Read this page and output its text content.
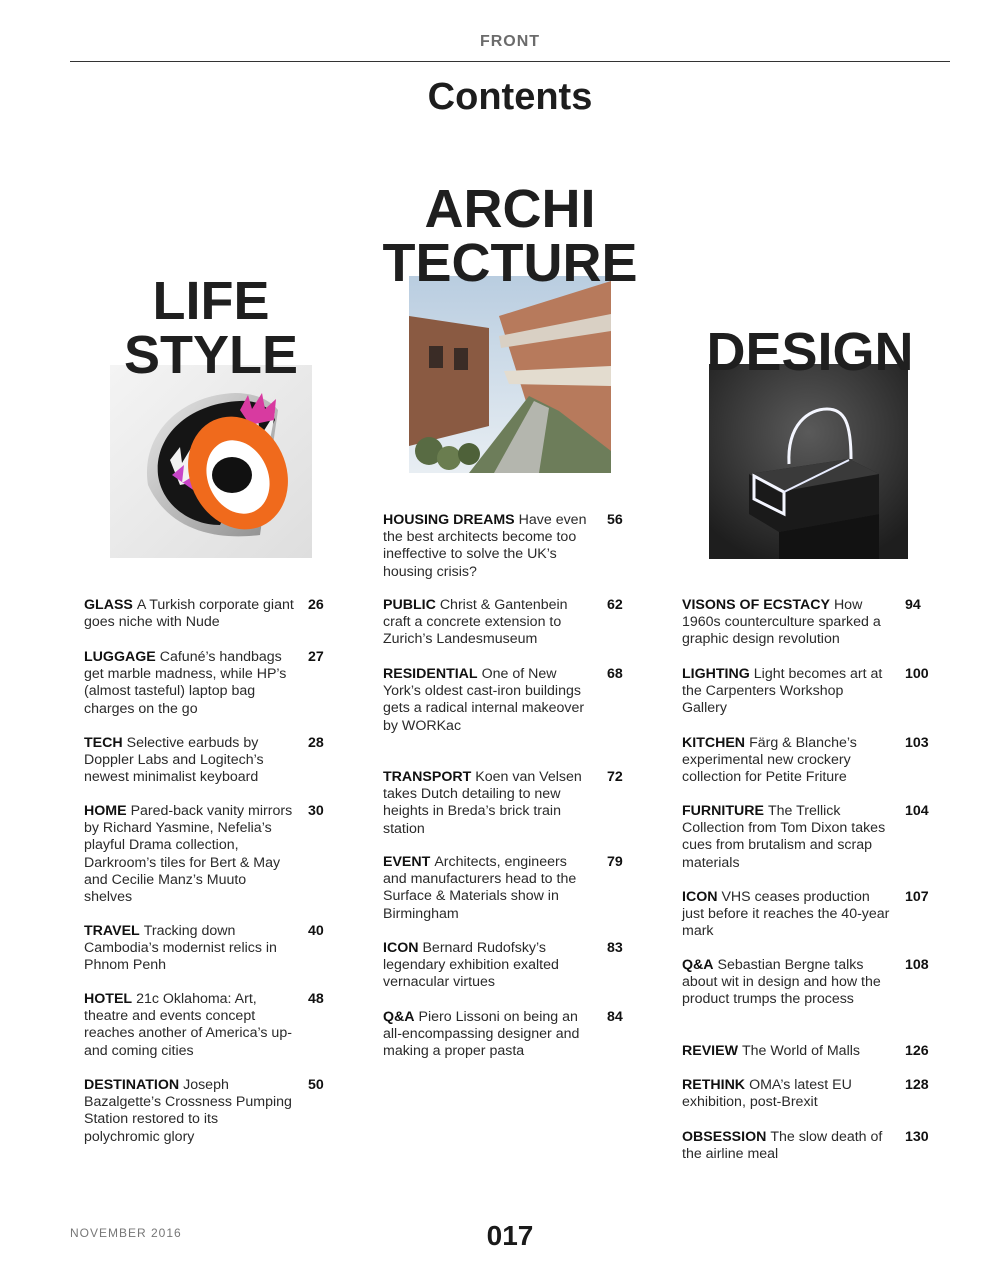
FRONT
Contents
LIFE
STYLE
ARCHI
TECTURE
DESIGN
GLASS A Turkish corporate giant goes niche with Nude
26
LUGGAGE Cafuné’s handbags get marble madness, while HP’s (almost tasteful) laptop bag charges on the go
27
TECH Selective earbuds by Doppler Labs and Logitech’s newest minimalist keyboard
28
HOME Pared-back vanity mirrors by Richard Yasmine, Nefelia’s playful Drama collection, Darkroom’s tiles for Bert & May and Cecilie Manz’s Muuto shelves
30
TRAVEL Tracking down Cambodia’s modernist relics in Phnom Penh
40
HOTEL 21c Oklahoma: Art, theatre and events concept reaches another of America’s up-and coming cities
48
DESTINATION Joseph Bazalgette’s Crossness Pumping Station restored to its polychromic glory
50
HOUSING DREAMS Have even the best architects become too ineffective to solve the UK’s housing crisis?
56
PUBLIC Christ & Gantenbein craft a concrete extension to Zurich’s Landesmuseum
62
RESIDENTIAL One of New York’s oldest cast-iron buildings gets a radical internal makeover by WORKac
68
TRANSPORT Koen van Velsen takes Dutch detailing to new heights in Breda’s brick train station
72
EVENT Architects, engineers and manufacturers head to the Surface & Materials show in Birmingham
79
ICON Bernard Rudofsky’s legendary exhibition exalted vernacular virtues
83
Q&A Piero Lissoni on being an all-encompassing designer and making a proper pasta
84
VISONS OF ECSTACY How 1960s counterculture sparked a graphic design revolution
94
LIGHTING Light becomes art at the Carpenters Workshop Gallery
100
KITCHEN Färg & Blanche’s experimental new crockery collection for Petite Friture
103
FURNITURE The Trellick Collection from Tom Dixon takes cues from brutalism and scrap materials
104
ICON VHS ceases production just before it reaches the 40-year mark
107
Q&A Sebastian Bergne talks about wit in design and how the product trumps the process
108
REVIEW The World of Malls	126
RETHINK OMA’s latest EU exhibition, post-Brexit
128
OBSESSION The slow death of the airline meal
130
NOVEMBER 2016	017
